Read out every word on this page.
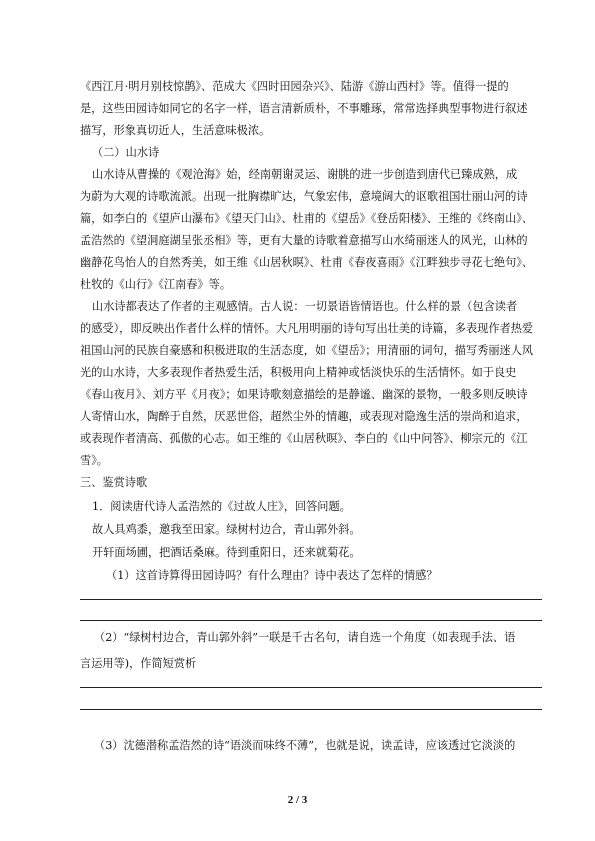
《西江月·明月别枝惊鹊》、范成大《四时田园杂兴》、陆游《游山西村》等。值得一提的
是，这些田园诗如同它的名字一样，语言清新质朴，不事雕琢，常常选择典型事物进行叙述
描写，形象真切近人，生活意味极浓。
（二）山水诗
山水诗从曹操的《观沧海》始，经南朝谢灵运、谢朓的进一步创造到唐代已臻成熟，成
为蔚为大观的诗歌流派。出现一批胸襟旷达，气象宏伟，意境阔大的讴歌祖国壮丽山河的诗
篇，如李白的《望庐山瀑布》《望天门山》、杜甫的《望岳》《登岳阳楼》、王维的《终南山》、
孟浩然的《望洞庭湖呈张丞相》等，更有大量的诗歌着意描写山水绮丽迷人的风光，山林的
幽静花鸟怡人的自然秀美，如王维《山居秋暝》、杜甫《春夜喜雨》《江畔独步寻花七绝句》、
杜牧的《山行》《江南春》等。
山水诗都表达了作者的主观感情。古人说：一切景语皆情语也。什么样的景（包含读者
的感受），即反映出作者什么样的情怀。大凡用明丽的诗句写出壮美的诗篇，多表现作者热爱
祖国山河的民族自豪感和积极进取的生活态度，如《望岳》；用清丽的词句，描写秀丽迷人风
光的山水诗，大多表现作者热爱生活，积极用向上精神或恬淡快乐的生活情怀。如于良史
《春山夜月》、刘方平《月夜》；如果诗歌刻意描绘的是静谧、幽深的景物，一般多则反映诗
人寄情山水，陶醉于自然，厌恶世俗，超然尘外的情趣，或表现对隐逸生活的崇尚和追求，
或表现作者清高、孤傲的心志。如王维的《山居秋暝》、李白的《山中问答》、柳宗元的《江
雪》。
三、鉴赏诗歌
1．阅读唐代诗人孟浩然的《过故人庄》，回答问题。
故人具鸡黍，邀我至田家。绿树村边合，青山郭外斜。
开轩面场圃，把酒话桑麻。待到重阳日，还来就菊花。
（1）这首诗算得田园诗吗？有什么理由？诗中表达了怎样的情感？
（2）“绿树村边合，青山郭外斜”一联是千古名句，请自选一个角度（如表现手法、语
言运用等)，作简短赏析
（3）沈德潜称孟浩然的诗“语淡而味终不薄”，也就是说，读孟诗，应该透过它淡淡的
2 / 3
